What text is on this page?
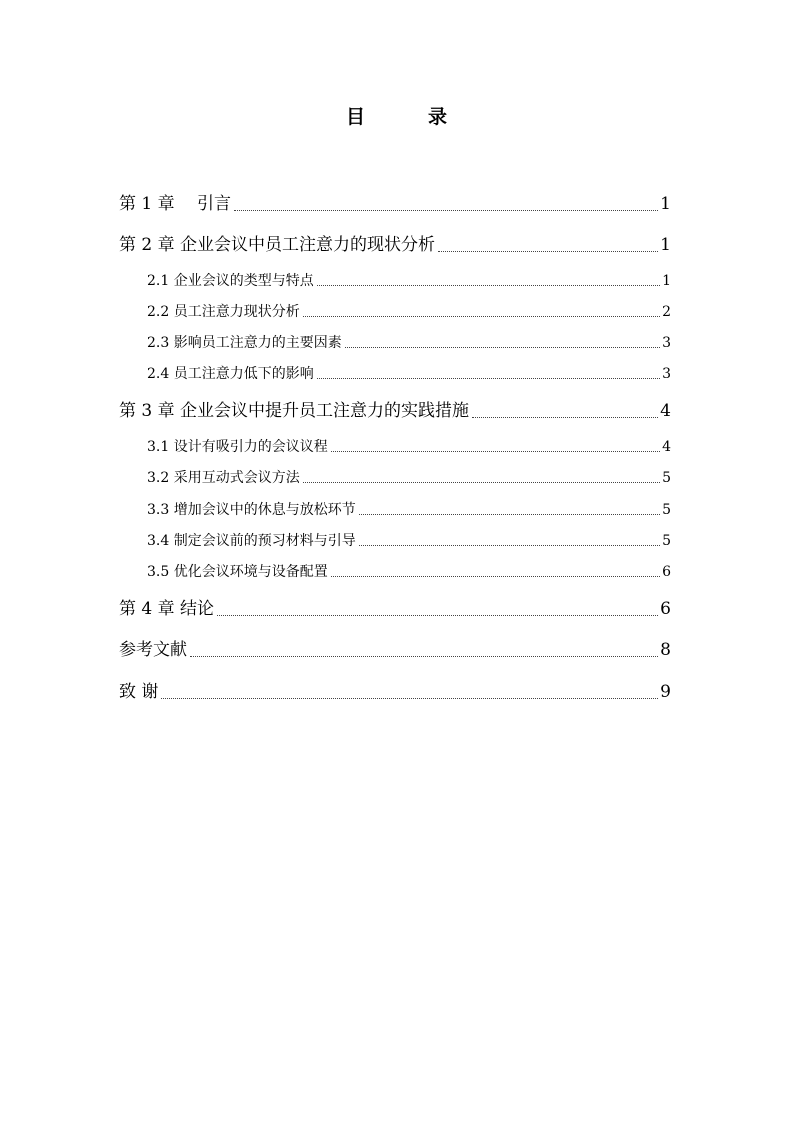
目　录
第 1 章　 引言	1
第 2 章 企业会议中员工注意力的现状分析	1
2.1 企业会议的类型与特点	1
2.2 员工注意力现状分析	2
2.3 影响员工注意力的主要因素	3
2.4 员工注意力低下的影响	3
第 3 章 企业会议中提升员工注意力的实践措施	4
3.1 设计有吸引力的会议议程	4
3.2 采用互动式会议方法	5
3.3 增加会议中的休息与放松环节	5
3.4 制定会议前的预习材料与引导	5
3.5 优化会议环境与设备配置	6
第 4 章 结论	6
参考文献	8
致 谢	9
